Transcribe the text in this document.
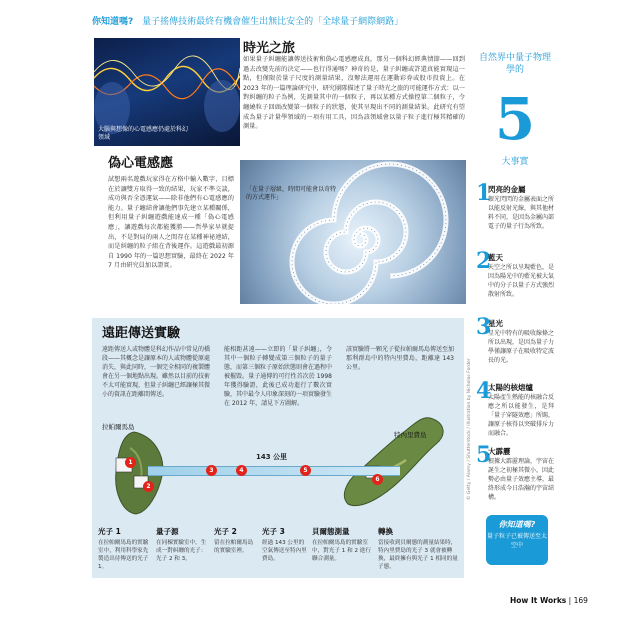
你知道嗎? 量子搖傳技術最終有機會催生出無比安全的「全球量子網際網路」
大腦與想像的心電感應仍處於科幻領域
偽心電感應
試想兩名遊戲玩家得在方格中輸入數字，目標在於讓雙方取得一致的結果，玩家不準交談，成功與否全憑運氣——除非他們有心電感應的能力。量子纏結會讓他們事先建立某種關係，但利用量子糾纏遊戲能達成一種「偽心電感應」，讓遊戲每次都能獲勝——哲學家早就提出，不是對局的兩人之間存在某種神祕連結，而是糾纏的粒子組在背後運作。這遊戲最初源自 1990 年的一篇思想實驗，最終在 2022 年 7 月由研究員加以證實。
時光之旅
如果量子糾纏能讓傳送技術和偽心電感應成真，那另一個科幻經典情節——回到過去改變先前的決定——也行得通嗎？神奇的是，量子糾纏或許還真能實現這一點，但僅限於量子尺度的測量結果，沒辦法運用在運動彩券或股市投資上。在 2023 年的一篇理論研究中，研究團隊描述了量子時光之旅的可能運作方式：以一對糾纏的粒子為例，先測量其中的一個粒子，再以某種方式操控第二個粒子，令纏繞粒子回頭改變第一個粒子的狀態，使其呈現出不同的測量結果。此研究有望成為量子計量學領域的一項有用工具，因為該領域會以量子粒子進行極其精確的測量。
「在量子層級，時間可能會以奇特的方式運作」
自然界中量子物理學的
5
大事實
1
閃亮的金屬
銀光閃閃的金屬表面之所以能反射光線，與其他材料不同，是因為金屬內部電子的量子行為所致。
2
藍天
天空之所以呈現藍色，是因為陽光中的藍光被大氣中的分子以量子方式強烈散射所致。
3
星光
星光中特有的吸收線條之所以出現，是因為量子力學僅讓原子在吸收特定波長的光。
4
太陽的核熔爐
太陽產生熱能的核融合反應之所以能發生，是拜「量子穿隧效應」所賜，讓原子核得以突破排斥力而融合。
5
大霹靂
根據大霹靂理論，宇宙在誕生之初極其微小，因此勢必由量子效應主導，最終形成今日浩瀚的宇宙結構。
你知道嗎?
量子粒子已被傳送至太空中
遠距傳送實驗
遠距傳送人或物體是科幻作品中常見的橋段——其概念是讓原本的人或物體從原處消失，與此同時，一個完全相同的複製體會在另一個地點出現。雖然以目前的技術不太可能實現，但量子糾纏已經讓極其微小的資訊在距離間傳送。
能相距甚遠——立即的「量子糾纏」，令其中一個粒子轉變成第三個粒子的量子態，而第三個粒子原始狀態則會在過程中被摧毀。量子通傳的可行性首次於 1998 年獲得驗證，此後已成功進行了數次實驗，其中最令人印象深刻的一項實驗發生在 2012 年，請見下方圖解。
該實驗將一顆光子從拉帕爾馬島傳送至加那利群島中的特內里費島，距離達 143 公里。
拉帕爾馬島
特內里費島
143 公里
1
2
3	4	5
6
光子 1
在拉帕爾馬島的實驗室中，利用科學家先製造出待傳送的光子 1。
量子源
在同棟實驗室中，生成一對糾纏的光子：光子 2 和 3。
光子 2
留在拉帕爾馬島的實驗室裡。
光子 3
經過 143 公里的空氣傳送至特內里費島。
貝爾態測量
在拉帕爾馬島的實驗室中，對光子 1 和 2 進行聯合測量。
轉換
當接收到貝爾態的測量結果時，特內里費島的光子 3 就會被轉換，最終擁有與光子 1 相同的量子態。
© Getty / Alamy / Shutterstock / Illustration by Nicholas Forder
How It Works | 169
